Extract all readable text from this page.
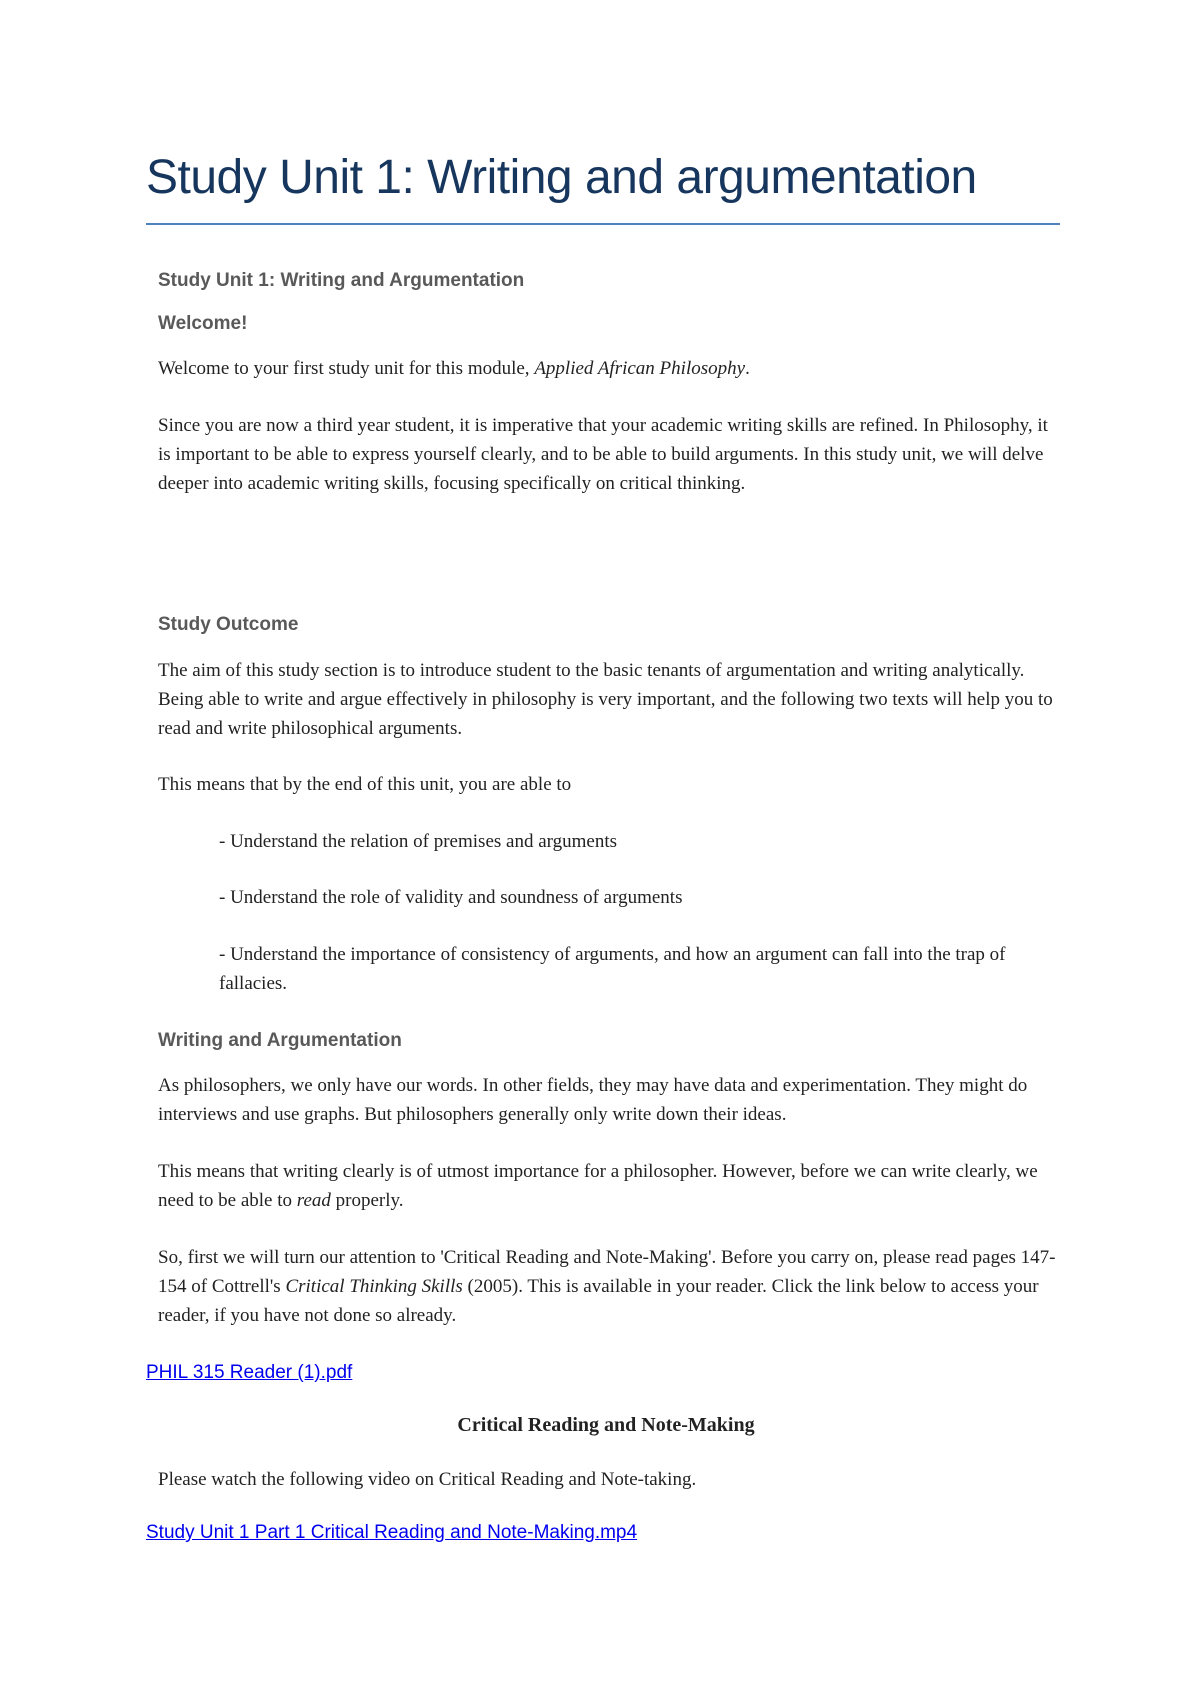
Study Unit 1: Writing and argumentation
Study Unit 1: Writing and Argumentation
Welcome!
Welcome to your first study unit for this module, Applied African Philosophy.
Since you are now a third year student, it is imperative that your academic writing skills are refined. In Philosophy, it is important to be able to express yourself clearly, and to be able to build arguments. In this study unit, we will delve deeper into academic writing skills, focusing specifically on critical thinking.
Study Outcome
The aim of this study section is to introduce student to the basic tenants of argumentation and writing analytically. Being able to write and argue effectively in philosophy is very important, and the following two texts will help you to read and write philosophical arguments.
This means that by the end of this unit, you are able to
- Understand the relation of premises and arguments
- Understand the role of validity and soundness of arguments
- Understand the importance of consistency of arguments, and how an argument can fall into the trap of fallacies.
Writing and Argumentation
As philosophers, we only have our words. In other fields, they may have data and experimentation. They might do interviews and use graphs. But philosophers generally only write down their ideas.
This means that writing clearly is of utmost importance for a philosopher. However, before we can write clearly, we need to be able to read properly.
So, first we will turn our attention to 'Critical Reading and Note-Making'. Before you carry on, please read pages 147-154 of Cottrell's Critical Thinking Skills (2005). This is available in your reader. Click the link below to access your reader, if you have not done so already.
PHIL 315 Reader (1).pdf
Critical Reading and Note-Making
Please watch the following video on Critical Reading and Note-taking.
Study Unit 1 Part 1 Critical Reading and Note-Making.mp4
